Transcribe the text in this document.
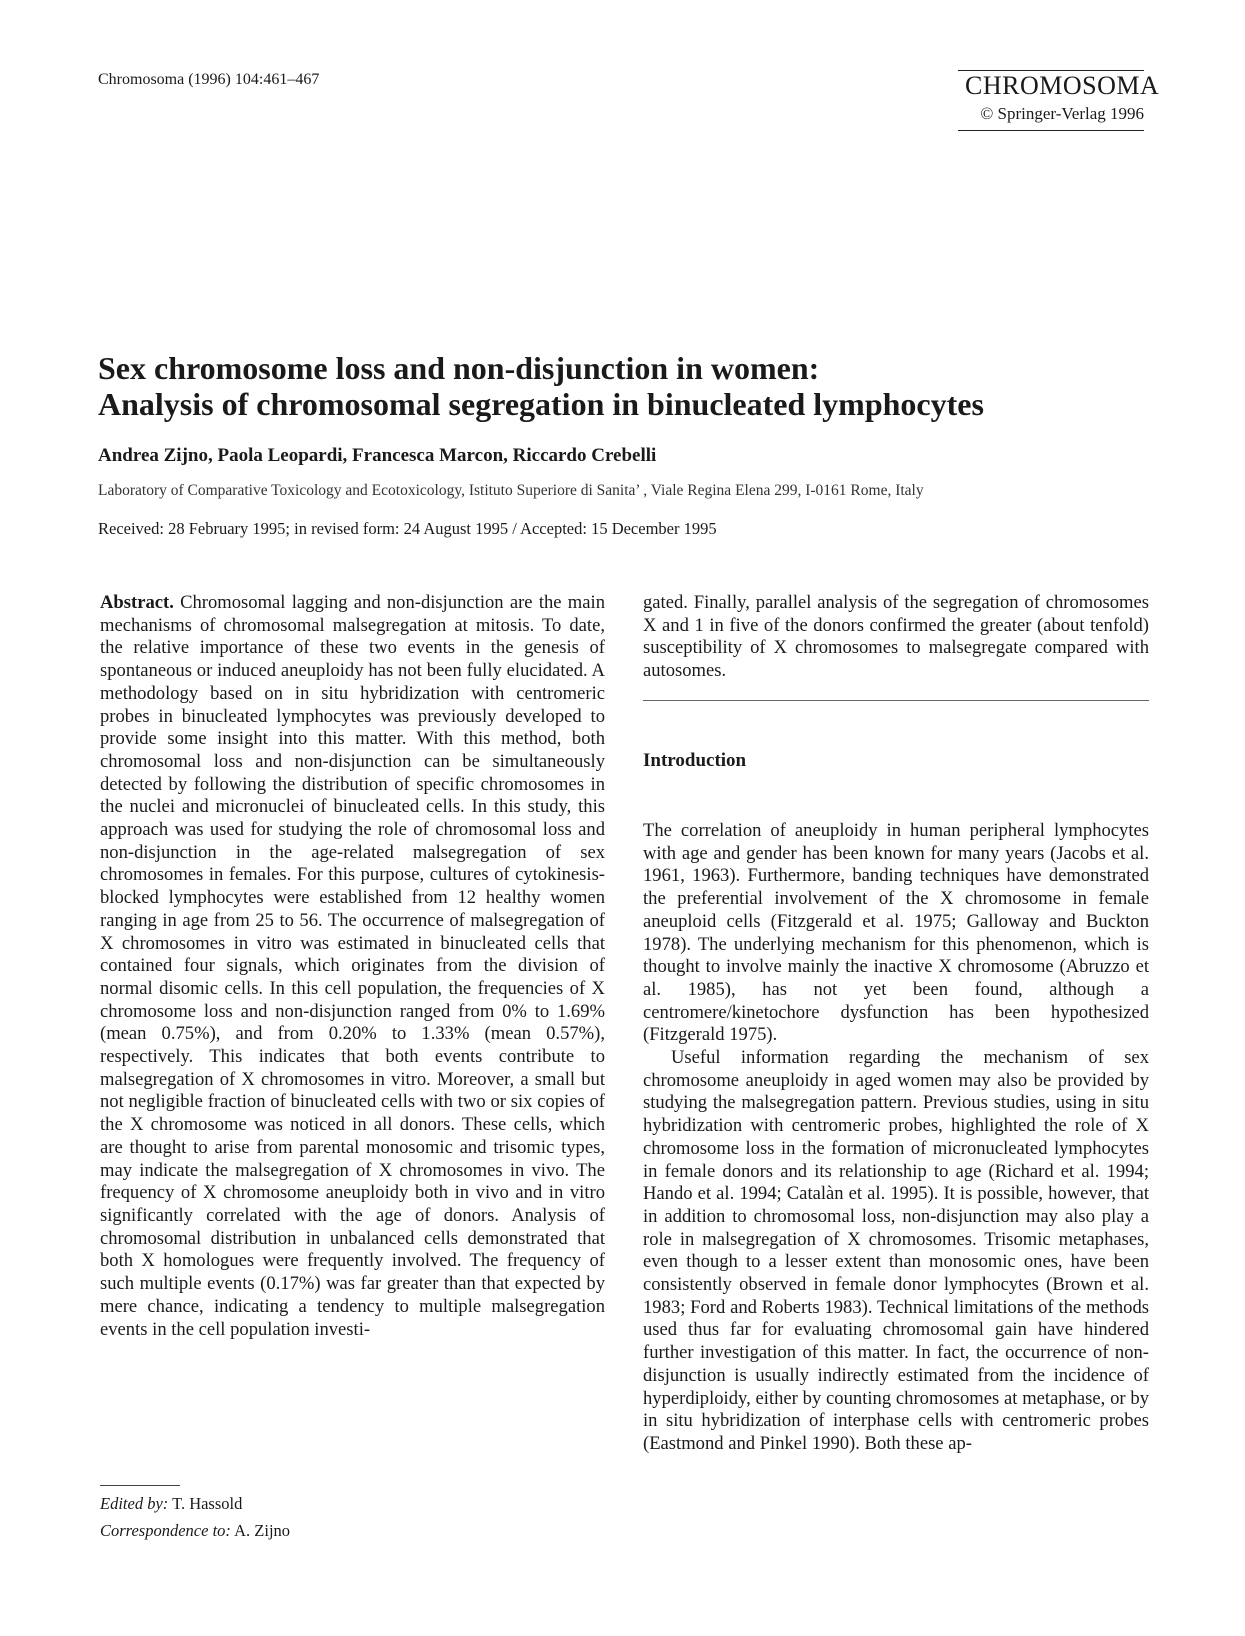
Chromosoma (1996) 104:461–467	CHROMOSOMA
© Springer-Verlag 1996
Sex chromosome loss and non-disjunction in women:
Analysis of chromosomal segregation in binucleated lymphocytes
Andrea Zijno, Paola Leopardi, Francesca Marcon, Riccardo Crebelli
Laboratory of Comparative Toxicology and Ecotoxicology, Istituto Superiore di Sanita’ , Viale Regina Elena 299, I-0161 Rome, Italy
Received: 28 February 1995; in revised form: 24 August 1995 / Accepted: 15 December 1995

Abstract. Chromosomal lagging and non-disjunction are the main mechanisms of chromosomal malsegregation at mitosis. To date, the relative importance of these two events in the genesis of spontaneous or induced aneuploidy has not been fully elucidated. A methodology based on in situ hybridization with centromeric probes in binucleated lymphocytes was previously developed to provide some insight into this matter. With this method, both chromosomal loss and non-disjunction can be simultaneously detected by following the distribution of specific chromosomes in the nuclei and micronuclei of binucleated cells. In this study, this approach was used for studying the role of chromosomal loss and non-disjunction in the age-related malsegregation of sex chromosomes in females. For this purpose, cultures of cytokinesis-blocked lymphocytes were established from 12 healthy women ranging in age from 25 to 56. The occurrence of malsegregation of X chromosomes in vitro was estimated in binucleated cells that contained four signals, which originates from the division of normal disomic cells. In this cell population, the frequencies of X chromosome loss and non-disjunction ranged from 0% to 1.69% (mean 0.75%), and from 0.20% to 1.33% (mean 0.57%), respectively. This indicates that both events contribute to malsegregation of X chromosomes in vitro. Moreover, a small but not negligible fraction of binucleated cells with two or six copies of the X chromosome was noticed in all donors. These cells, which are thought to arise from parental monosomic and trisomic types, may indicate the malsegregation of X chromosomes in vivo. The frequency of X chromosome aneuploidy both in vivo and in vitro significantly correlated with the age of donors. Analysis of chromosomal distribution in unbalanced cells demonstrated that both X homologues were frequently involved. The frequency of such multiple events (0.17%) was far greater than that expected by mere chance, indicating a tendency to multiple malsegregation events in the cell population investi-

gated. Finally, parallel analysis of the segregation of chromosomes X and 1 in five of the donors confirmed the greater (about tenfold) susceptibility of X chromosomes to malsegregate compared with autosomes.

Introduction

The correlation of aneuploidy in human peripheral lymphocytes with age and gender has been known for many years (Jacobs et al. 1961, 1963). Furthermore, banding techniques have demonstrated the preferential involvement of the X chromosome in female aneuploid cells (Fitzgerald et al. 1975; Galloway and Buckton 1978). The underlying mechanism for this phenomenon, which is thought to involve mainly the inactive X chromosome (Abruzzo et al. 1985), has not yet been found, although a centromere/kinetochore dysfunction has been hypothesized (Fitzgerald 1975).

Useful information regarding the mechanism of sex chromosome aneuploidy in aged women may also be provided by studying the malsegregation pattern. Previous studies, using in situ hybridization with centromeric probes, highlighted the role of X chromosome loss in the formation of micronucleated lymphocytes in female donors and its relationship to age (Richard et al. 1994; Hando et al. 1994; Catalàn et al. 1995). It is possible, however, that in addition to chromosomal loss, non-disjunction may also play a role in malsegregation of X chromosomes. Trisomic metaphases, even though to a lesser extent than monosomic ones, have been consistently observed in female donor lymphocytes (Brown et al. 1983; Ford and Roberts 1983). Technical limitations of the methods used thus far for evaluating chromosomal gain have hindered further investigation of this matter. In fact, the occurrence of non-disjunction is usually indirectly estimated from the incidence of hyperdiploidy, either by counting chromosomes at metaphase, or by in situ hybridization of interphase cells with centromeric probes (Eastmond and Pinkel 1990). Both these ap-

Edited by: T. Hassold
Correspondence to: A. Zijno
